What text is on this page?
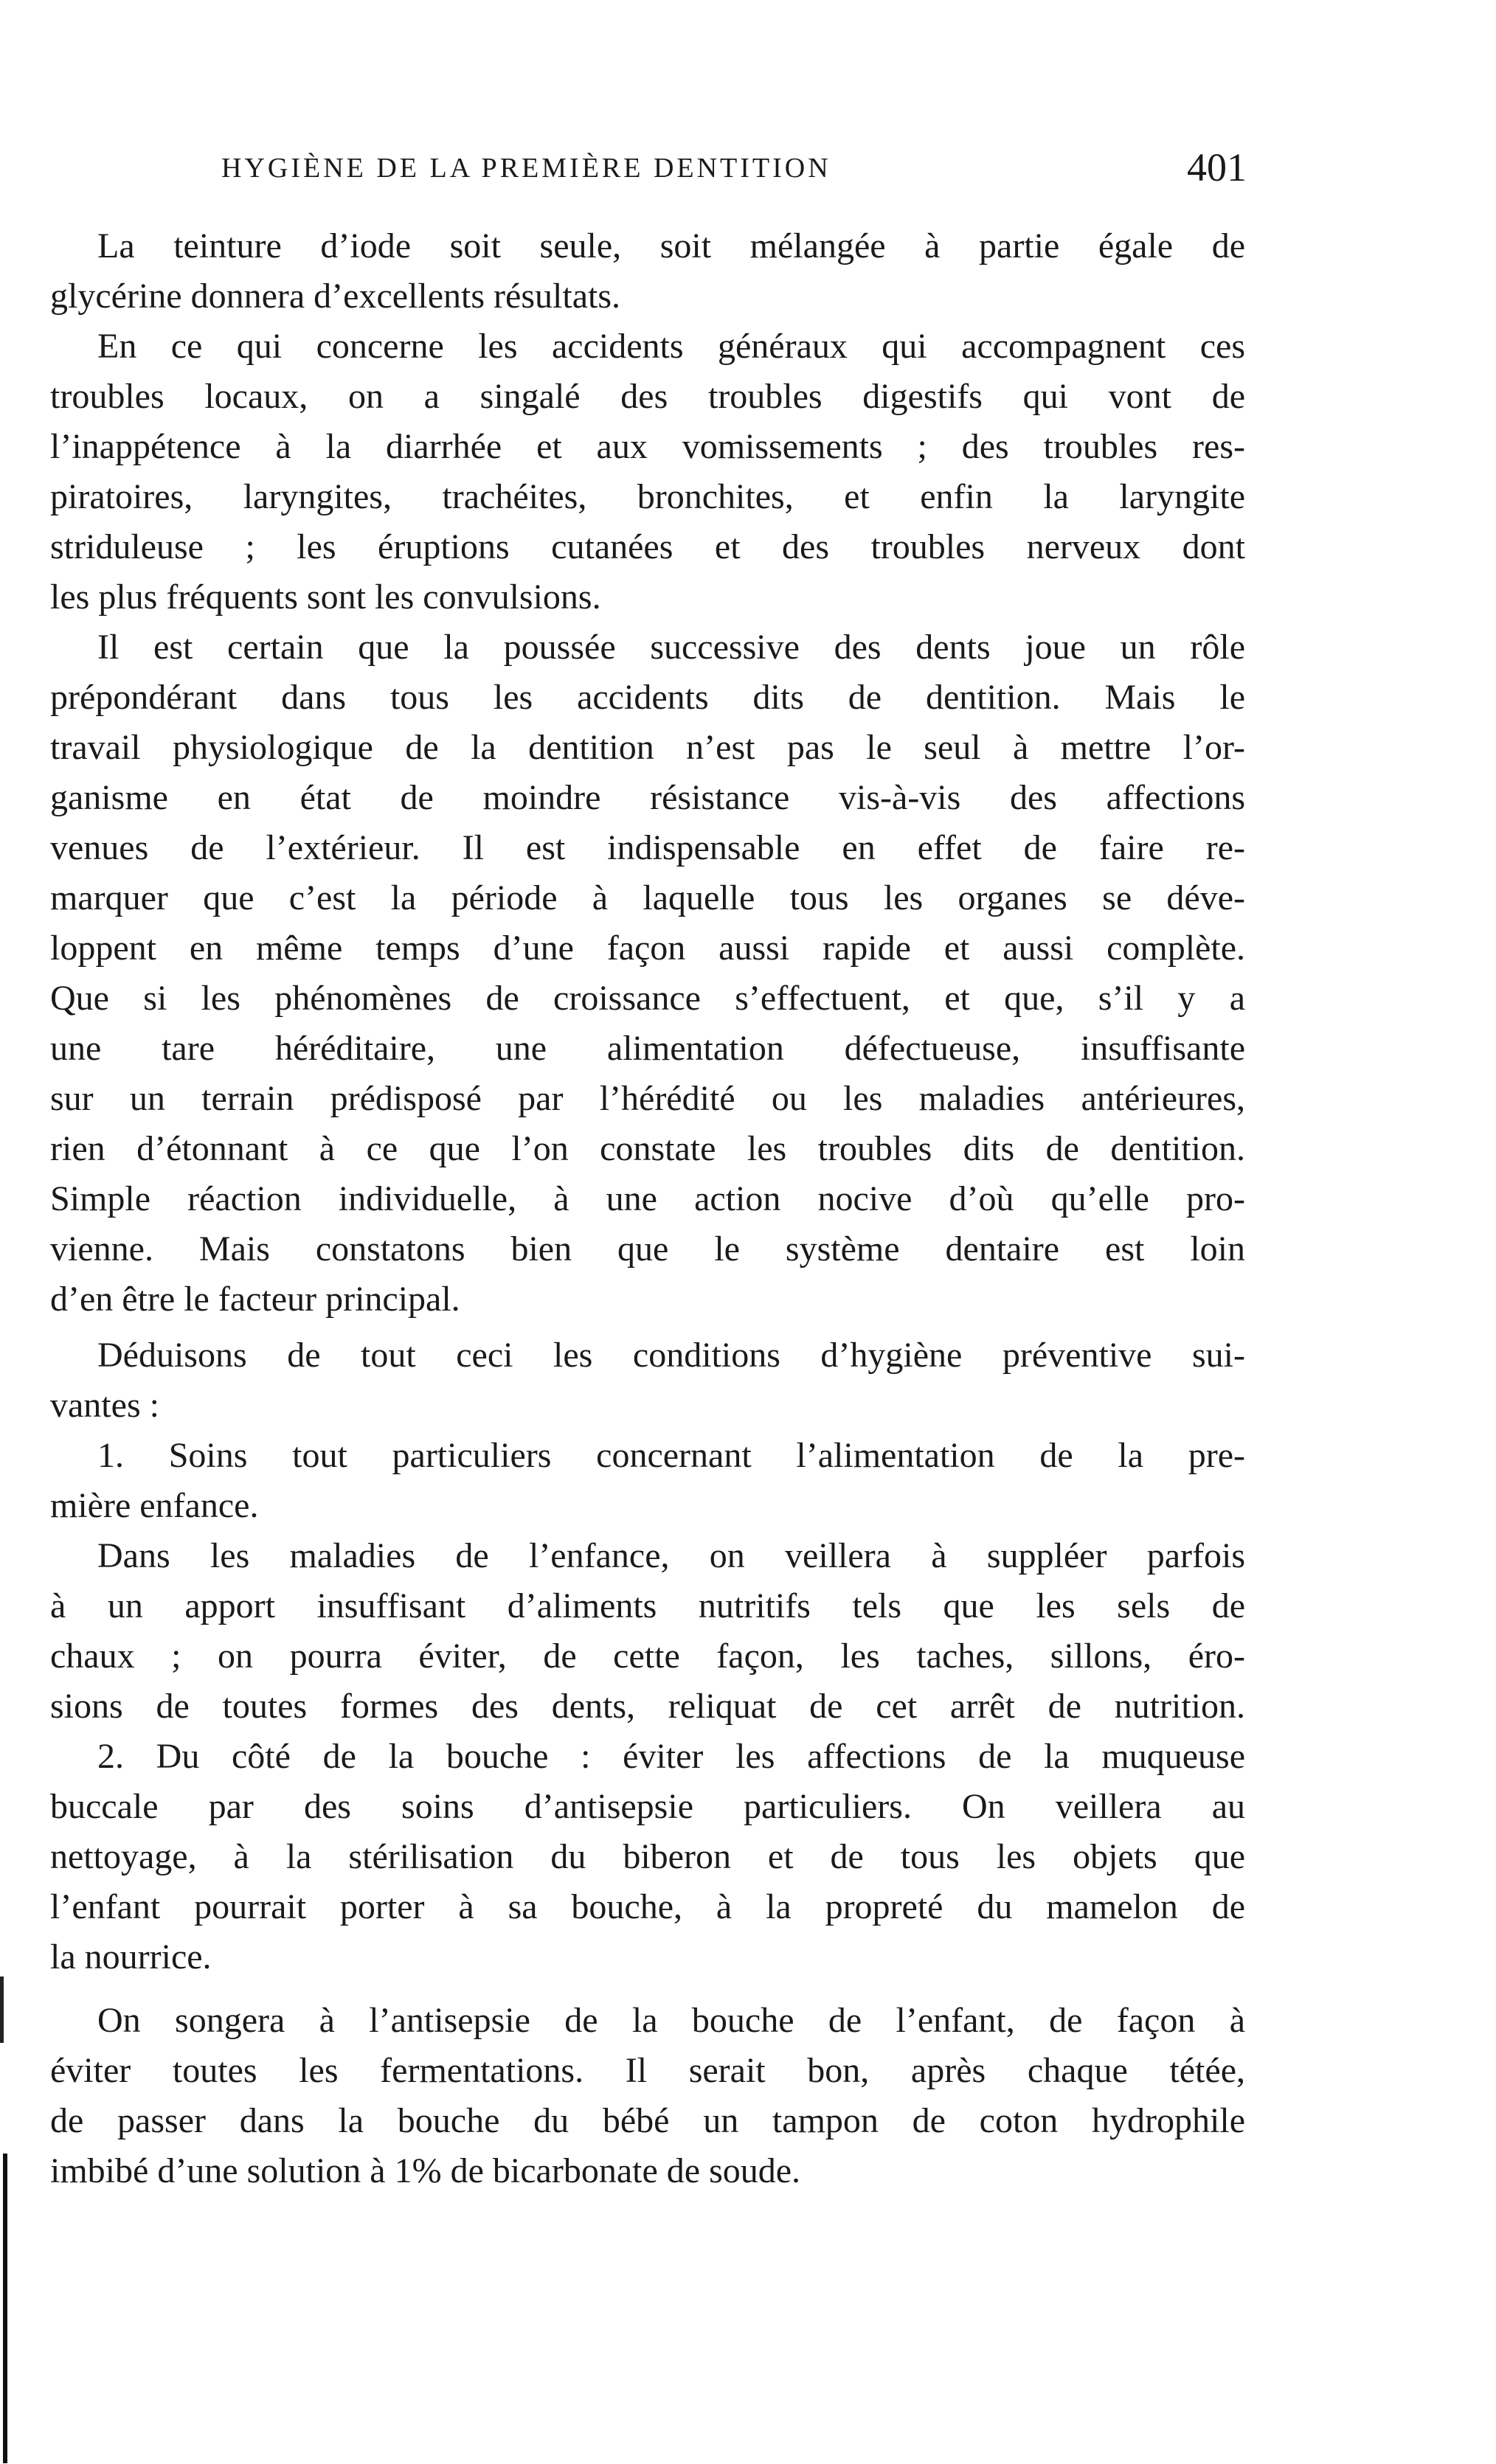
HYGIÈNE DE LA PREMIÈRE DENTITION	401
La teinture d’iode soit seule, soit mélangée à partie égale de
glycérine donnera d’excellents résultats.
En ce qui concerne les accidents généraux qui accompagnent ces
troubles locaux, on a singalé des troubles digestifs qui vont de
l’inappétence à la diarrhée et aux vomissements ; des troubles res-
piratoires, laryngites, trachéites, bronchites, et enfin la laryngite
striduleuse ; les éruptions cutanées et des troubles nerveux dont
les plus fréquents sont les convulsions.
Il est certain que la poussée successive des dents joue un rôle
prépondérant dans tous les accidents dits de dentition. Mais le
travail physiologique de la dentition n’est pas le seul à mettre l’or-
ganisme en état de moindre résistance vis-à-vis des affections
venues de l’extérieur. Il est indispensable en effet de faire re-
marquer que c’est la période à laquelle tous les organes se déve-
loppent en même temps d’une façon aussi rapide et aussi complète.
Que si les phénomènes de croissance s’effectuent, et que, s’il y a
une tare héréditaire, une alimentation défectueuse, insuffisante
sur un terrain prédisposé par l’hérédité ou les maladies antérieures,
rien d’étonnant à ce que l’on constate les troubles dits de dentition.
Simple réaction individuelle, à une action nocive d’où qu’elle pro-
vienne. Mais constatons bien que le système dentaire est loin
d’en être le facteur principal.
Déduisons de tout ceci les conditions d’hygiène préventive sui-
vantes :
1. Soins tout particuliers concernant l’alimentation de la pre-
mière enfance.
Dans les maladies de l’enfance, on veillera à suppléer parfois
à un apport insuffisant d’aliments nutritifs tels que les sels de
chaux ; on pourra éviter, de cette façon, les taches, sillons, éro-
sions de toutes formes des dents, reliquat de cet arrêt de nutrition.
2. Du côté de la bouche : éviter les affections de la muqueuse
buccale par des soins d’antisepsie particuliers. On veillera au
nettoyage, à la stérilisation du biberon et de tous les objets que
l’enfant pourrait porter à sa bouche, à la propreté du mamelon de
la nourrice.
On songera à l’antisepsie de la bouche de l’enfant, de façon à
éviter toutes les fermentations. Il serait bon, après chaque tétée,
de passer dans la bouche du bébé un tampon de coton hydrophile
imbibé d’une solution à 1% de bicarbonate de soude.
